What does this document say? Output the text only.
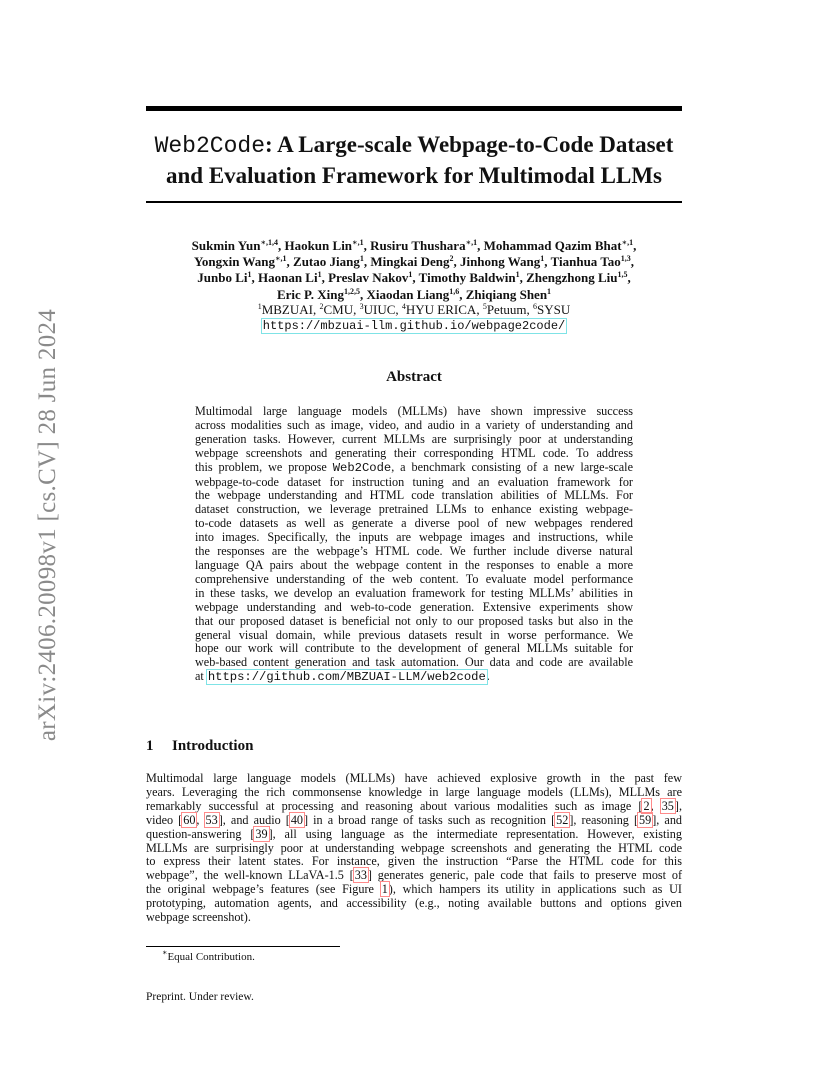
arXiv:2406.20098v1 [cs.CV] 28 Jun 2024
Web2Code: A Large-scale Webpage-to-Code Dataset
and Evaluation Framework for Multimodal LLMs
Sukmin Yun$^{∗,1,4}$, Haokun Lin$^{∗,1}$, Rusiru Thushara$^{∗,1}$, Mohammad Qazim Bhat$^{∗,1}$,
Yongxin Wang$^{∗,1}$, Zutao Jiang$^1$, Mingkai Deng$^2$, Jinhong Wang$^1$, Tianhua Tao$^{1,3}$,
Junbo Li$^1$, Haonan Li$^1$, Preslav Nakov$^1$, Timothy Baldwin$^1$, Zhengzhong Liu$^{1,5}$,
Eric P. Xing$^{1,2,5}$, Xiaodan Liang$^{1,6}$, Zhiqiang Shen$^1$
$^1$MBZUAI, $^2$CMU, $^3$UIUC, $^4$HYU ERICA, $^5$Petuum, $^6$SYSU
https://mbzuai-llm.github.io/webpage2code/
Abstract
Multimodal large language models (MLLMs) have shown impressive success
across modalities such as image, video, and audio in a variety of understanding and
generation tasks. However, current MLLMs are surprisingly poor at understanding
webpage screenshots and generating their corresponding HTML code. To address
this problem, we propose Web2Code, a benchmark consisting of a new large-scale
webpage-to-code dataset for instruction tuning and an evaluation framework for
the webpage understanding and HTML code translation abilities of MLLMs. For
dataset construction, we leverage pretrained LLMs to enhance existing webpage-
to-code datasets as well as generate a diverse pool of new webpages rendered
into images. Specifically, the inputs are webpage images and instructions, while
the responses are the webpage’s HTML code. We further include diverse natural
language QA pairs about the webpage content in the responses to enable a more
comprehensive understanding of the web content. To evaluate model performance
in these tasks, we develop an evaluation framework for testing MLLMs’ abilities in
webpage understanding and web-to-code generation. Extensive experiments show
that our proposed dataset is beneficial not only to our proposed tasks but also in the
general visual domain, while previous datasets result in worse performance. We
hope our work will contribute to the development of general MLLMs suitable for
web-based content generation and task automation. Our data and code are available
at https://github.com/MBZUAI-LLM/web2code.
1 Introduction
Multimodal large language models (MLLMs) have achieved explosive growth in the past few
years. Leveraging the rich commonsense knowledge in large language models (LLMs), MLLMs are
remarkably successful at processing and reasoning about various modalities such as image [2, 35],
video [60, 53], and audio [40] in a broad range of tasks such as recognition [52], reasoning [59], and
question-answering [39], all using language as the intermediate representation. However, existing
MLLMs are surprisingly poor at understanding webpage screenshots and generating the HTML code
to express their latent states. For instance, given the instruction “Parse the HTML code for this
webpage”, the well-known LLaVA-1.5 [33] generates generic, pale code that fails to preserve most of
the original webpage’s features (see Figure 1), which hampers its utility in applications such as UI
prototyping, automation agents, and accessibility (e.g., noting available buttons and options given
webpage screenshot).
∗Equal Contribution.
Preprint. Under review.
